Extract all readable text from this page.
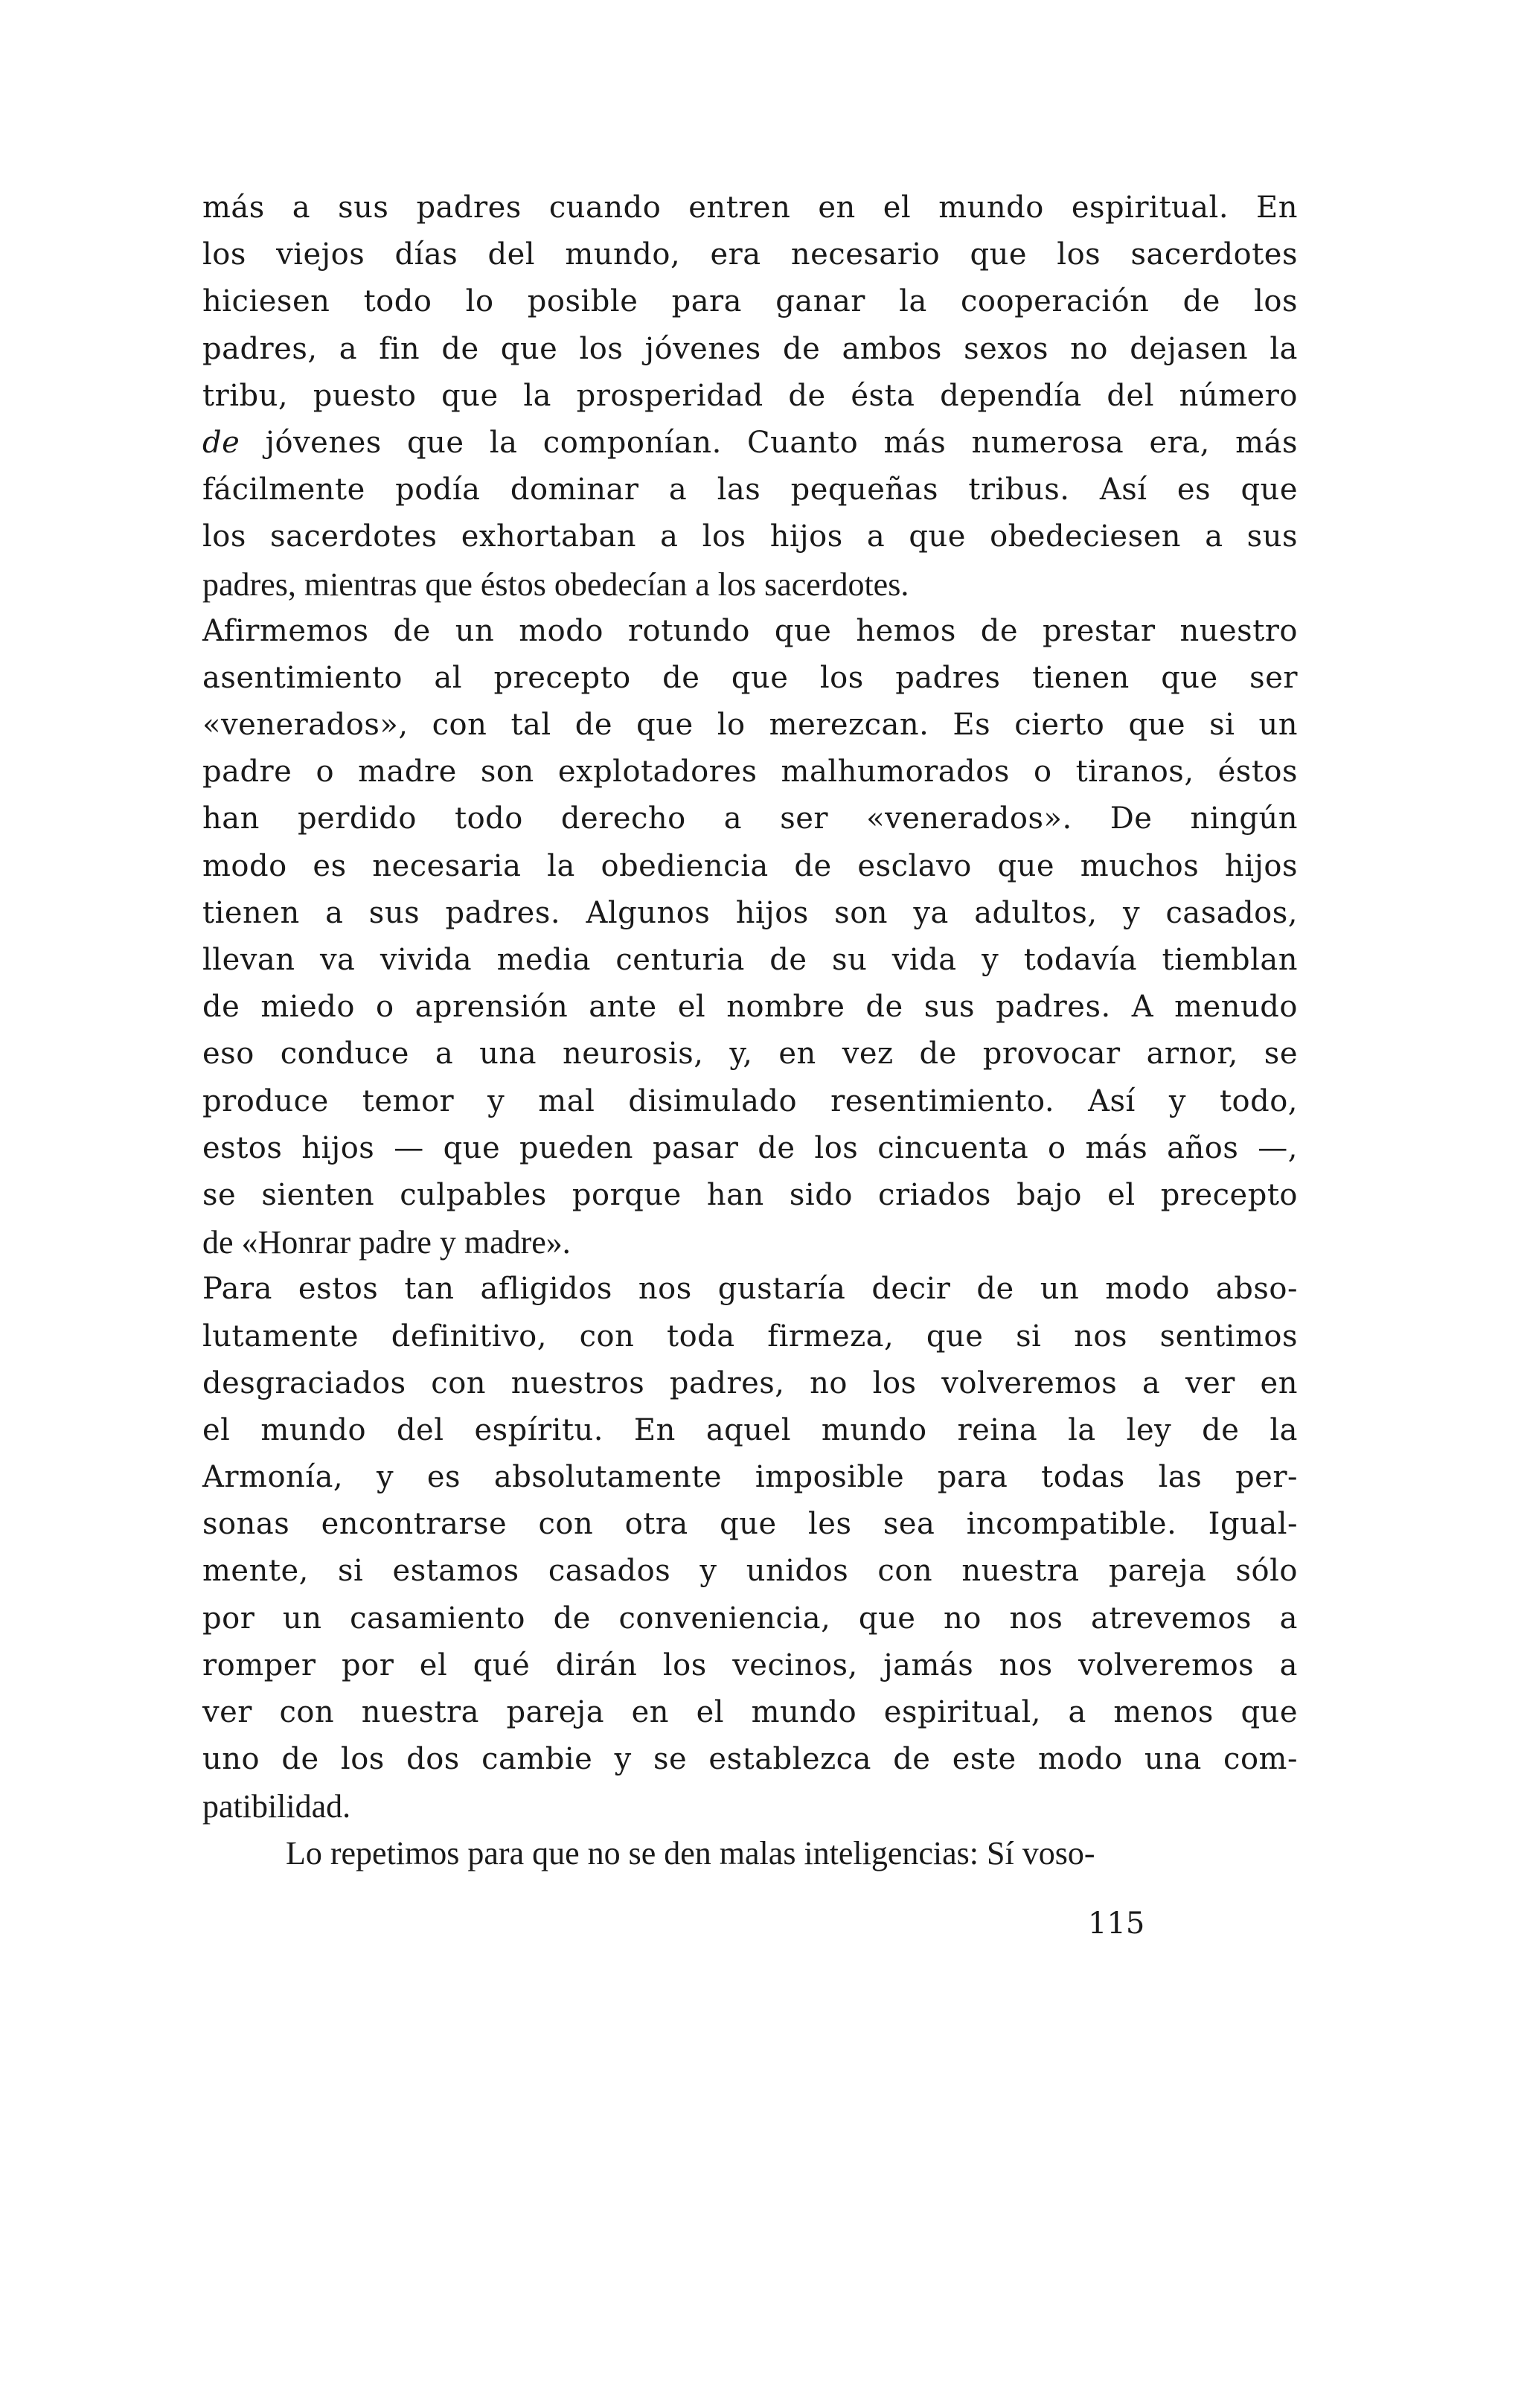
más a sus padres cuando entren en el mundo espiritual. En
los viejos días del mundo, era necesario que los sacerdotes
hiciesen todo lo posible para ganar la cooperación de los
padres, a fin de que los jóvenes de ambos sexos no dejasen la
tribu, puesto que la prosperidad de ésta dependía del número
de jóvenes que la componían. Cuanto más numerosa era, más
fácilmente podía dominar a las pequeñas tribus. Así es que
los sacerdotes exhortaban a los hijos a que obedeciesen a sus
padres, mientras que éstos obedecían a los sacerdotes.
Afirmemos de un modo rotundo que hemos de prestar nuestro
asentimiento al precepto de que los padres tienen que ser
«venerados», con tal de que lo merezcan. Es cierto que si un
padre o madre son explotadores malhumorados o tiranos, éstos
han perdido todo derecho a ser «venerados». De ningún
modo es necesaria la obediencia de esclavo que muchos hijos
tienen a sus padres. Algunos hijos son ya adultos, y casados,
llevan va vivida media centuria de su vida y todavía tiemblan
de miedo o aprensión ante el nombre de sus padres. A menudo
eso conduce a una neurosis, y, en vez de provocar arnor, se
produce temor y mal disimulado resentimiento. Así y todo,
estos hijos — que pueden pasar de los cincuenta o más años —,
se sienten culpables porque han sido criados bajo el precepto
de «Honrar padre y madre».
Para estos tan afligidos nos gustaría decir de un modo abso-
lutamente definitivo, con toda firmeza, que si nos sentimos
desgraciados con nuestros padres, no los volveremos a ver en
el mundo del espíritu. En aquel mundo reina la ley de la
Armonía, y es absolutamente imposible para todas las per-
sonas encontrarse con otra que les sea incompatible. Igual-
mente, si estamos casados y unidos con nuestra pareja sólo
por un casamiento de conveniencia, que no nos atrevemos a
romper por el qué dirán los vecinos, jamás nos volveremos a
ver con nuestra pareja en el mundo espiritual, a menos que
uno de los dos cambie y se establezca de este modo una com-
patibilidad.
Lo repetimos para que no se den malas inteligencias: Sí voso-
115
